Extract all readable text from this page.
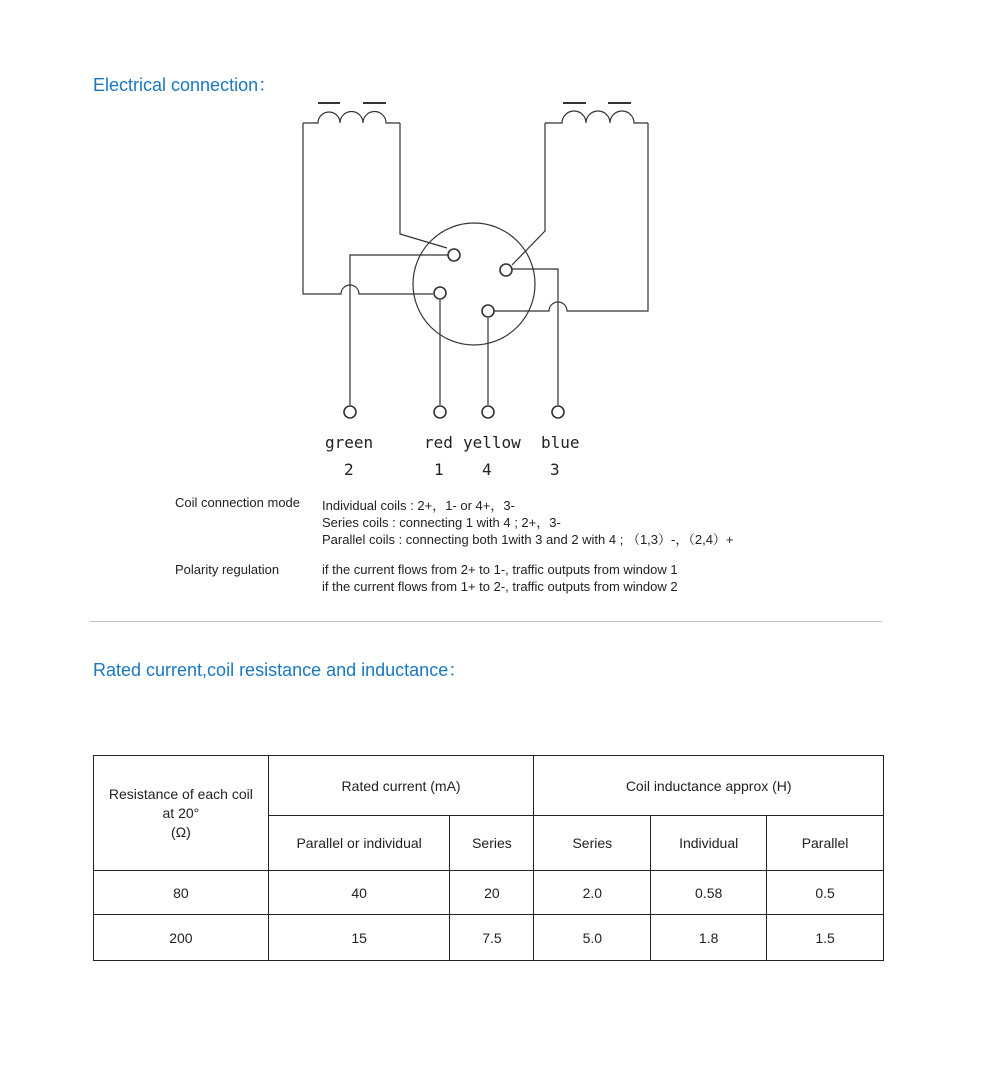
Electrical connection：
green
2
red
1
yellow
4
blue
3
Coil connection mode Individual coils : 2+，1- or 4+，3-
Series coils : connecting 1 with 4 ; 2+，3-
Parallel coils : connecting both 1with 3 and 2 with 4 ; （1,3）-，（2,4）+
Polarity regulation	if the current flows from 2+ to 1-, traffic outputs from window 1
if the current flows from 1+ to 2-, traffic outputs from window 2
Rated current,coil resistance and inductance：
Resistance of each coil
at 20°
(Ω)	Rated current (mA)		Coil inductance approx (H)		
	Parallel or individual	Series	Series	Individual	Parallel
80	40	20	2.0	0.58	0.5
200	15	7.5	5.0	1.8	1.5
